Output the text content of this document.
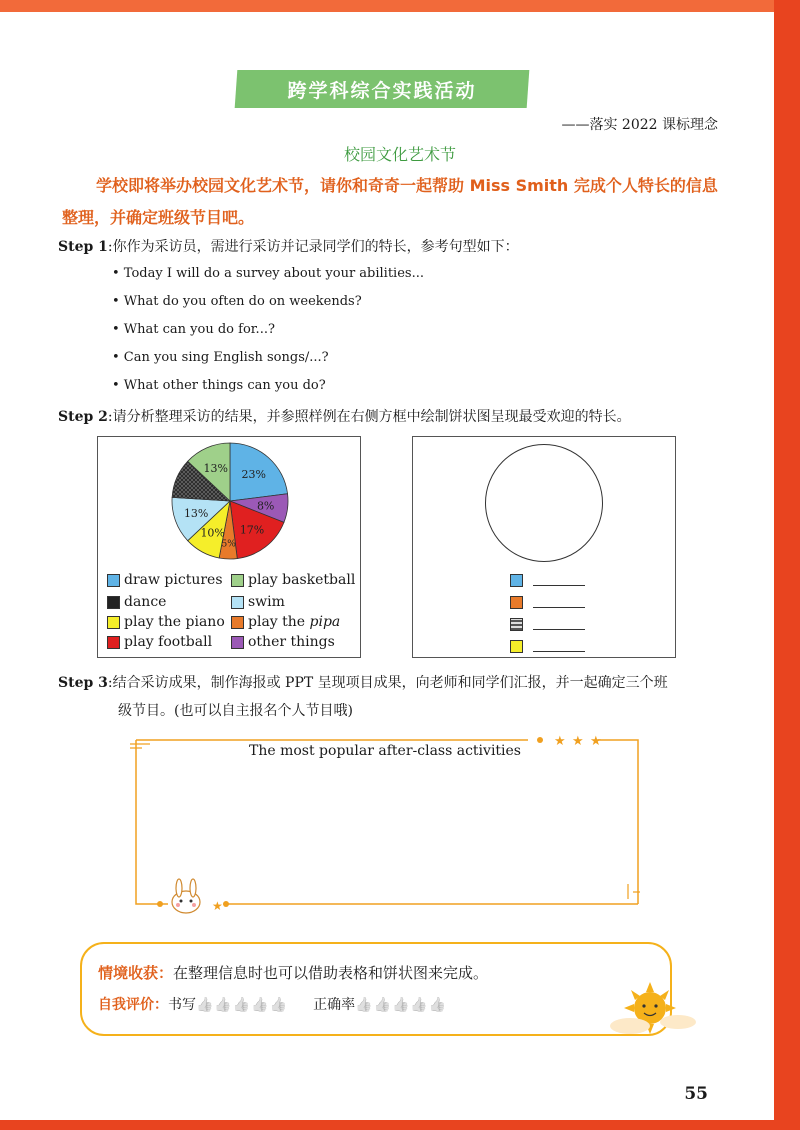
跨学科综合实践活动
——落实 2022 课标理念
校园文化艺术节
学校即将举办校园文化艺术节，请你和奇奇一起帮助 Miss Smith 完成个人特长的信息整理，并确定班级节目吧。
Step 1:你作为采访员，需进行采访并记录同学们的特长，参考句型如下：
• Today I will do a survey about your abilities...
• What do you often do on weekends?
• What can you do for...?
• Can you sing English songs/...?
• What other things can you do?
Step 2:请分析整理采访的结果，并参照样例在右侧方框中绘制饼状图呈现最受欢迎的特长。
23%
8%
17%
5%
10%
13%
13%
draw pictures play basketball
dance	swim
play the piano play the pipa
play football	other things
Step 3:结合采访成果，制作海报或 PPT 呈现项目成果，向老师和同学们汇报，并一起确定三个班
级节目。(也可以自主报名个人节目哦)
★ ★ ★
★
The most popular after-class activities
情境收获：在整理信息时也可以借助表格和饼状图来完成。
自我评价：书写👍👍👍👍👍 正确率👍👍👍👍👍
55
